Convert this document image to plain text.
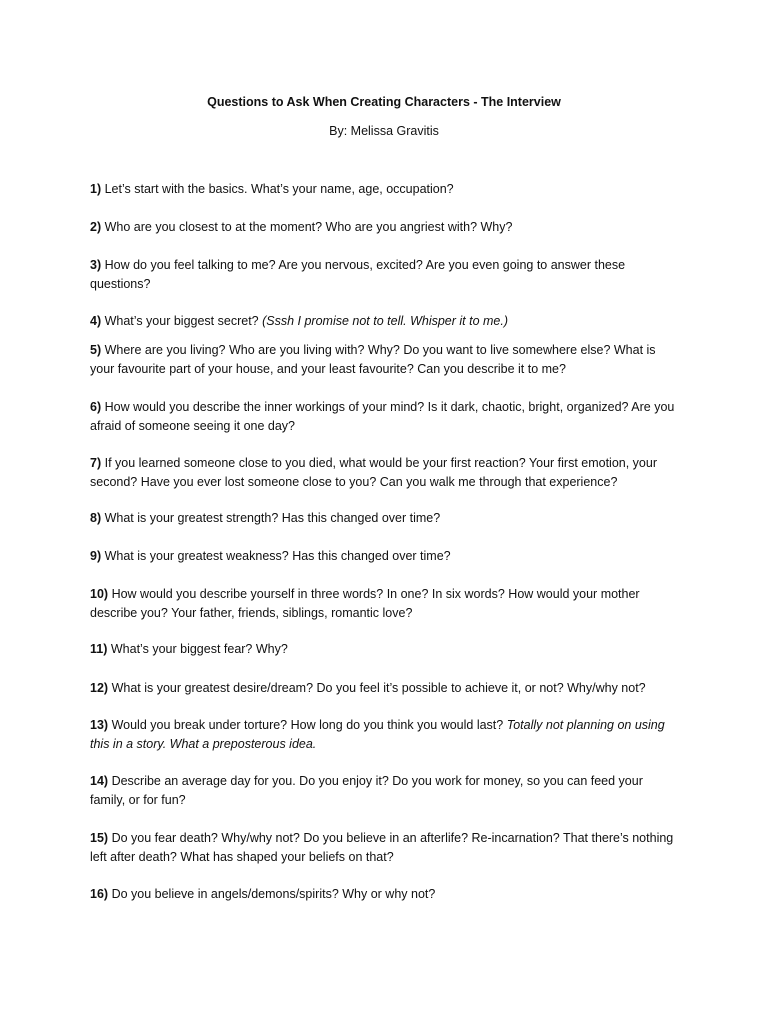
Questions to Ask When Creating Characters - The Interview
By: Melissa Gravitis

1) Let’s start with the basics. What’s your name, age, occupation?

2) Who are you closest to at the moment? Who are you angriest with? Why?

3) How do you feel talking to me? Are you nervous, excited? Are you even going to answer these questions?

4) What’s your biggest secret? (Sssh I promise not to tell. Whisper it to me.)

5) Where are you living? Who are you living with? Why? Do you want to live somewhere else? What is your favourite part of your house, and your least favourite? Can you describe it to me?

6) How would you describe the inner workings of your mind? Is it dark, chaotic, bright, organized? Are you afraid of someone seeing it one day?

7) If you learned someone close to you died, what would be your first reaction? Your first emotion, your second? Have you ever lost someone close to you? Can you walk me through that experience?

8) What is your greatest strength? Has this changed over time?

9) What is your greatest weakness? Has this changed over time?

10) How would you describe yourself in three words? In one? In six words? How would your mother describe you? Your father, friends, siblings, romantic love?

11) What’s your biggest fear? Why?

12) What is your greatest desire/dream? Do you feel it’s possible to achieve it, or not? Why/why not?

13) Would you break under torture? How long do you think you would last? Totally not planning on using this in a story. What a preposterous idea.

14) Describe an average day for you. Do you enjoy it? Do you work for money, so you can feed your family, or for fun?

15) Do you fear death? Why/why not? Do you believe in an afterlife? Re-incarnation? That there’s nothing left after death? What has shaped your beliefs on that?

16) Do you believe in angels/demons/spirits? Why or why not?
